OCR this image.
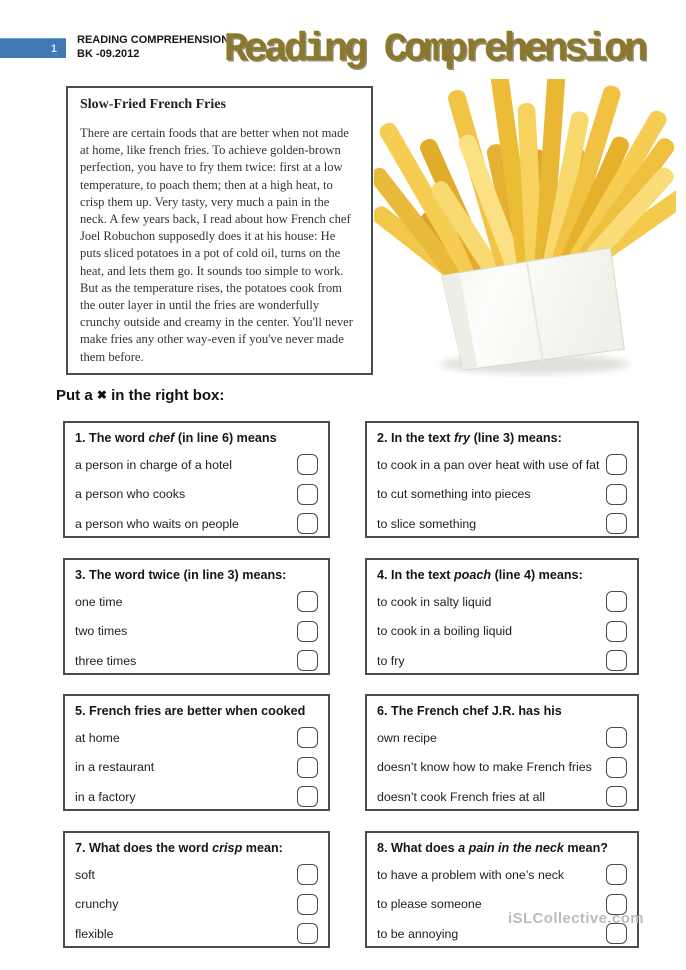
1
READING COMPREHENSION
BK -09.2012	Reading Comprehension
Slow-Fried French Fries

There are certain foods that are better when not made at home, like french fries. To achieve golden-brown perfection, you have to fry them twice: first at a low temperature, to poach them; then at a high heat, to crisp them up. Very tasty, very much a pain in the neck. A few years back, I read about how French chef Joel Robuchon supposedly does it at his house: He puts sliced potatoes in a pot of cold oil, turns on the heat, and lets them go. It sounds too simple to work. But as the temperature rises, the potatoes cook from the outer layer in until the fries are wonderfully crunchy outside and creamy in the center. You'll never make fries any other way-even if you've never made them before.

Put a ✖ in the right box:
1. The word chef (in line 6) means
a person in charge of a hotel
a person who cooks
a person who waits on people
2. In the text fry (line 3) means:
to cook in a pan over heat with use of fat
to cut something into pieces
to slice something
3. The word twice (in line 3) means:
one time
two times
three times
4. In the text poach (line 4) means:
to cook in salty liquid
to cook in a boiling liquid
to fry
5. French fries are better when cooked
at home
in a restaurant
in a factory
6. The French chef J.R. has his
own recipe
doesn’t know how to make French fries
doesn’t cook French fries at all
7. What does the word crisp mean:
soft
crunchy
flexible
8. What does a pain in the neck mean?
to have a problem with one’s neck
to please someone
to be annoying
iSLCollective.com
